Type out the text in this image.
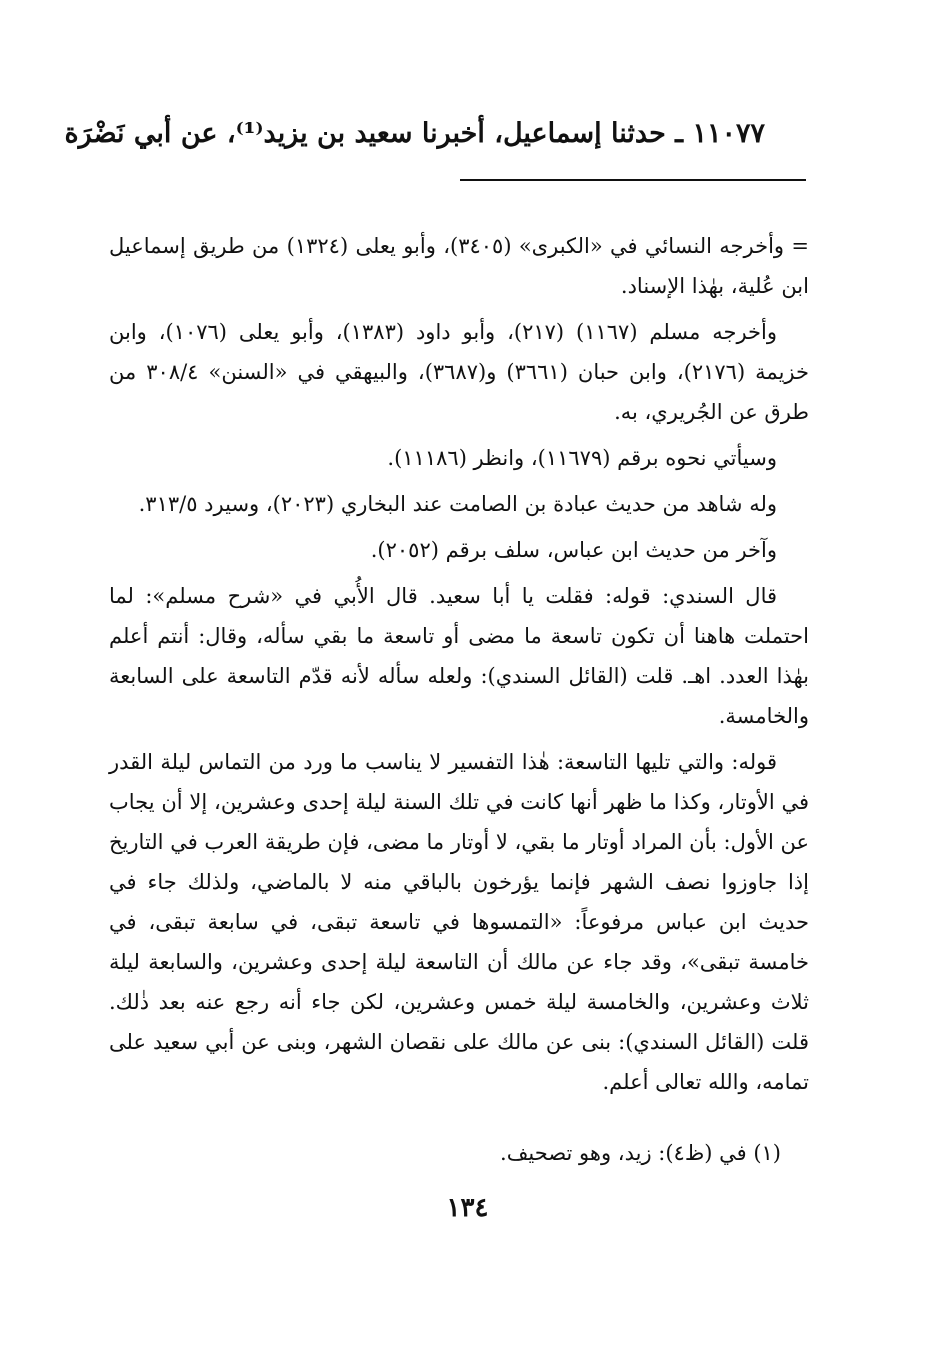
١١٠٧٧ ـ حدثنا إسماعيل، أخبرنا سعيد بن يزيد⁽¹⁾، عن أبي نَضْرَة

= وأخرجه النسائي في «الكبرى» (٣٤٠٥)، وأبو يعلى (١٣٢٤) من طريق إسماعيل ابن عُلية، بهٰذا الإسناد.

وأخرجه مسلم (١١٦٧) (٢١٧)، وأبو داود (١٣٨٣)، وأبو يعلى (١٠٧٦)، وابن خزيمة (٢١٧٦)، وابن حبان (٣٦٦١) و(٣٦٨٧)، والبيهقي في «السنن» ٣٠٨/٤ من طرق عن الجُريري، به.

وسيأتي نحوه برقم (١١٦٧٩)، وانظر (١١١٨٦).

وله شاهد من حديث عبادة بن الصامت عند البخاري (٢٠٢٣)، وسيرد ٣١٣/٥.

وآخر من حديث ابن عباس، سلف برقم (٢٠٥٢).

قال السندي: قوله: فقلت يا أبا سعيد. قال الأُبي في «شرح مسلم»: لما احتملت هاهنا أن تكون تاسعة ما مضى أو تاسعة ما بقي سأله، وقال: أنتم أعلم بهٰذا العدد. اهـ. قلت (القائل السندي): ولعله سأله لأنه قدّم التاسعة على السابعة والخامسة.

قوله: والتي تليها التاسعة: هٰذا التفسير لا يناسب ما ورد من التماس ليلة القدر في الأوتار، وكذا ما ظهر أنها كانت في تلك السنة ليلة إحدى وعشرين، إلا أن يجاب عن الأول: بأن المراد أوتار ما بقي، لا أوتار ما مضى، فإن طريقة العرب في التاريخ إذا جاوزوا نصف الشهر فإنما يؤرخون بالباقي منه لا بالماضي، ولذلك جاء في حديث ابن عباس مرفوعاً: «التمسوها في تاسعة تبقى، في سابعة تبقى، في خامسة تبقى»، وقد جاء عن مالك أن التاسعة ليلة إحدى وعشرين، والسابعة ليلة ثلاث وعشرين، والخامسة ليلة خمس وعشرين، لكن جاء أنه رجع عنه بعد ذٰلك. قلت (القائل السندي): بنى عن مالك على نقصان الشهر، وبنى عن أبي سعيد على تمامه، والله تعالى أعلم.

(١) في (ظ٤): زيد، وهو تصحيف.
١٣٤
